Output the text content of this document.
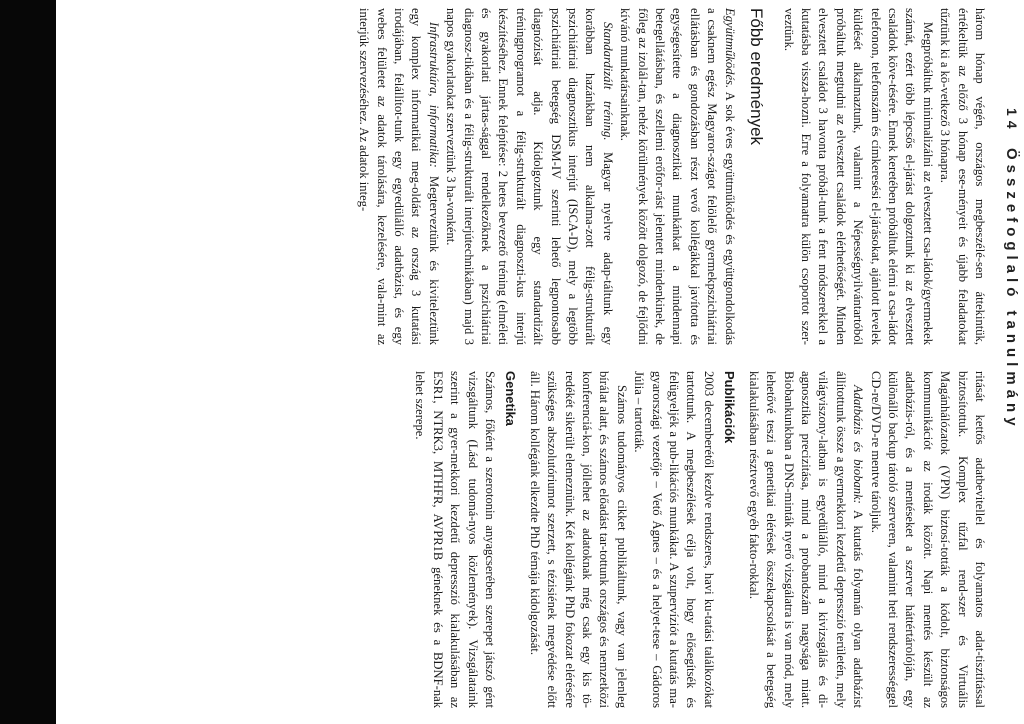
14
Összefoglaló tanulmány

három hónap végén, országos megbeszélé-sen áttekintük, értékeltük az előző 3 hónap ese-ményeit és újabb feladatokat tűztünk ki a kö-vetkező 3 hónapra.

Megpróbáltuk minimalizálni az elvesztett csa-ládok/gyermekek számát, ezért több lépcsős el-járást dolgoztunk ki az elvesztett családok köve-tésére. Ennek keretében próbáltuk elérni a csa-ládot telefonon, telefonszám és címkeresési el-járásokat, ajánlott levelek küldését alkalmaztunk, valamint a Népességnyilvántartóból próbáltuk megtudni az elvesztett családok elérhetőségét. Minden elvesztett családot 3 havonta próbál-tunk a fent módszerekkel a kutatásba vissza-hozni. Erre a folyamatra külön csoportot szer-veztünk.

Főbb eredmények

Együttműködés. A sok éves együttműködés és együttgondolkodás a csaknem egész Magyaror-szágot felölelő gyermekpszichiátriai ellátásban és gondozásban részt vevő kollégákkal javította és egységesítette a diagnosztikai munkánkat a mindennapi betegellátásban, és szellemi erőfor-rást jelentett mindenkinek, de főleg az izolál-tan, nehéz körülmények között dolgozó, de fejlődni kívánó munkatársainknak.

Standardizált tréning. Magyar nyelvre adap-táltunk egy korábban hazánkban nem alkalma-zott félig-strukturált pszichiátriai diagnosztikus interjút (ISCA-D), mely a legtöbb pszichiátriai betegség DSM-IV szerinti lehető legpontosabb diagnózisát adja. Kidolgoztunk egy standardizált tréningprogramot a félig-strukturált diagnoszti-kus interjú készítéséhez. Ennek felépítése: 2 hetes bevezető tréning (elméleti és gyakorlati jártas-sággal rendelkezőknek a pszichiátriai diagnosz-tikában és a félig-strukturált interjútechnikában) majd 3 napos gyakorlatokat szerveztünk 3 ha-vonként.

Infrastruktúra, informatika: Megterveztünk és kiviteleztünk egy komplex informatikai meg-oldást az ország 3 kutatási irodájában, felállítot-tunk egy egyedülálló adatbázist, és egy webes felületet az adatok tárolására, kezelésére, vala-mint az interjúk szervezéséhez. Az adatok integ-

ritását kettős adatbevitellel és folyamatos adat-tisztítással biztosítottuk. Komplex tűzfal rend-szer és Virtuális Magánhálózatok (VPN) biztosí-tották a kódolt, biztonságos kommunikációt az irodák között. Napi mentés készült az adatbázis-ról, és a mentéseket a szerver háttértárolóján, egy különálló backup tároló szerveren, valamint heti rendszerességgel CD-re/DVD-re mentve tároljuk.

Adatbázis és biobank: A kutatás folyamán olyan adatbázist állítottunk össze a gyermekkori kezdetű depresszió területén, mely világviszony-latban is egyedülálló, mind a kivizsgálás és di-agnosztika precizitása, mind a probandszám nagysága miatt. Biobankunkban a DNS-minták nyerő vizsgálatra is van mód, mely lehetővé teszi a genetikai elérések összekapcsolását a betegség kialakulásában résztvevő egyéb fakto-rokkal.

Publikációk

2003 decemberétől kezdve rendszeres, havi ku-tatási találkozókat tartottunk. A megbeszélések célja volt, hogy elősegítsék és felügyeljék a pub-likációs munkákat. A szupervíziót a kutatás ma-gyarországi vezetője – Vető Ágnes – és a helyet-tese – Gádoros Júlia – tartották.

Számos tudományos cikket publikáltunk, vagy van jelenleg bírálat alatt, és számos előadást tar-tottunk országos és nemzetközi konferenciá-kon, jóllehet az adatoknak még csak egy kis tö-redékét sikerült elemeznünk. Két kollégánk PhD fokozat elérésére szükséges abszolutóriumot szerzett, s tézisiének megvédése előtt áll. Három kollégánk elkezdte PhD témája kidolgozását.

Genetika

Számos, főként a szerotonin anyagcserében szerepet játszó gént vizsgáltunk (Lásd tudomá-nyos közlemények). Vizsgálataink szerint a gyer-mekkori kezdetű depresszió kialakulásában az ESR1, NTRK3, MTHFR, AVPR1B géneknek és a BDNF-nak lehet szerepe.
